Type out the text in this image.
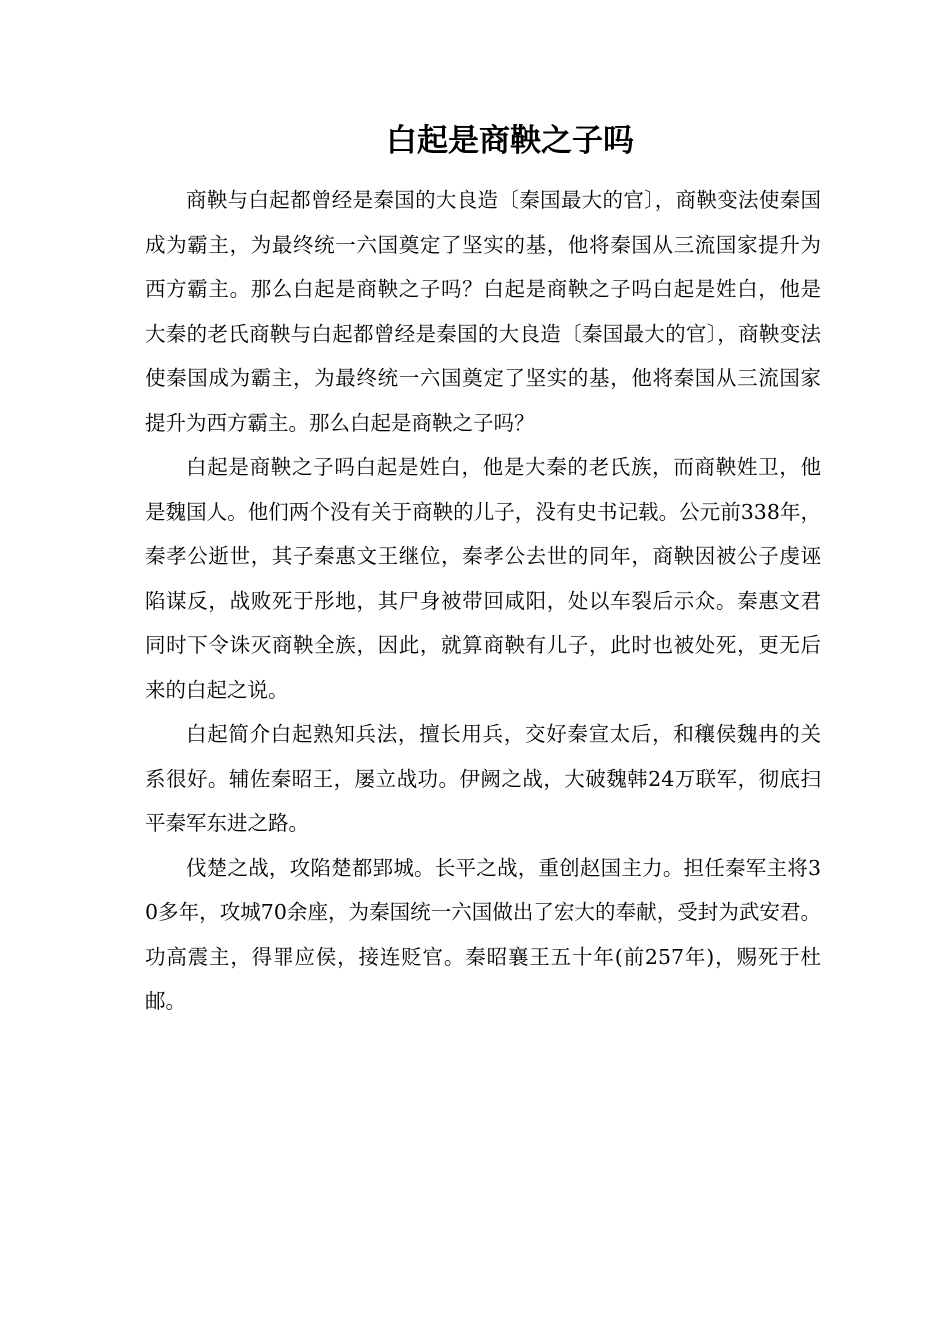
白起是商鞅之子吗

商鞅与白起都曾经是秦国的大良造〔秦国最大的官〕，商鞅变法使秦国成为霸主，为最终统一六国奠定了坚实的基，他将秦国从三流国家提升为西方霸主。那么白起是商鞅之子吗？白起是商鞅之子吗白起是姓白，他是大秦的老氏商鞅与白起都曾经是秦国的大良造〔秦国最大的官〕，商鞅变法使秦国成为霸主，为最终统一六国奠定了坚实的基，他将秦国从三流国家提升为西方霸主。那么白起是商鞅之子吗？

白起是商鞅之子吗白起是姓白，他是大秦的老氏族，而商鞅姓卫，他是魏国人。他们两个没有关于商鞅的儿子，没有史书记载。公元前338年，秦孝公逝世，其子秦惠文王继位，秦孝公去世的同年，商鞅因被公子虔诬陷谋反，战败死于彤地，其尸身被带回咸阳，处以车裂后示众。秦惠文君同时下令诛灭商鞅全族，因此，就算商鞅有儿子，此时也被处死，更无后来的白起之说。

白起简介白起熟知兵法，擅长用兵，交好秦宣太后，和穰侯魏冉的关系很好。辅佐秦昭王，屡立战功。伊阙之战，大破魏韩24万联军，彻底扫平秦军东进之路。

伐楚之战，攻陷楚都郢城。长平之战，重创赵国主力。担任秦军主将30多年，攻城70余座，为秦国统一六国做出了宏大的奉献，受封为武安君。功高震主，得罪应侯，接连贬官。秦昭襄王五十年(前257年)，赐死于杜邮。
